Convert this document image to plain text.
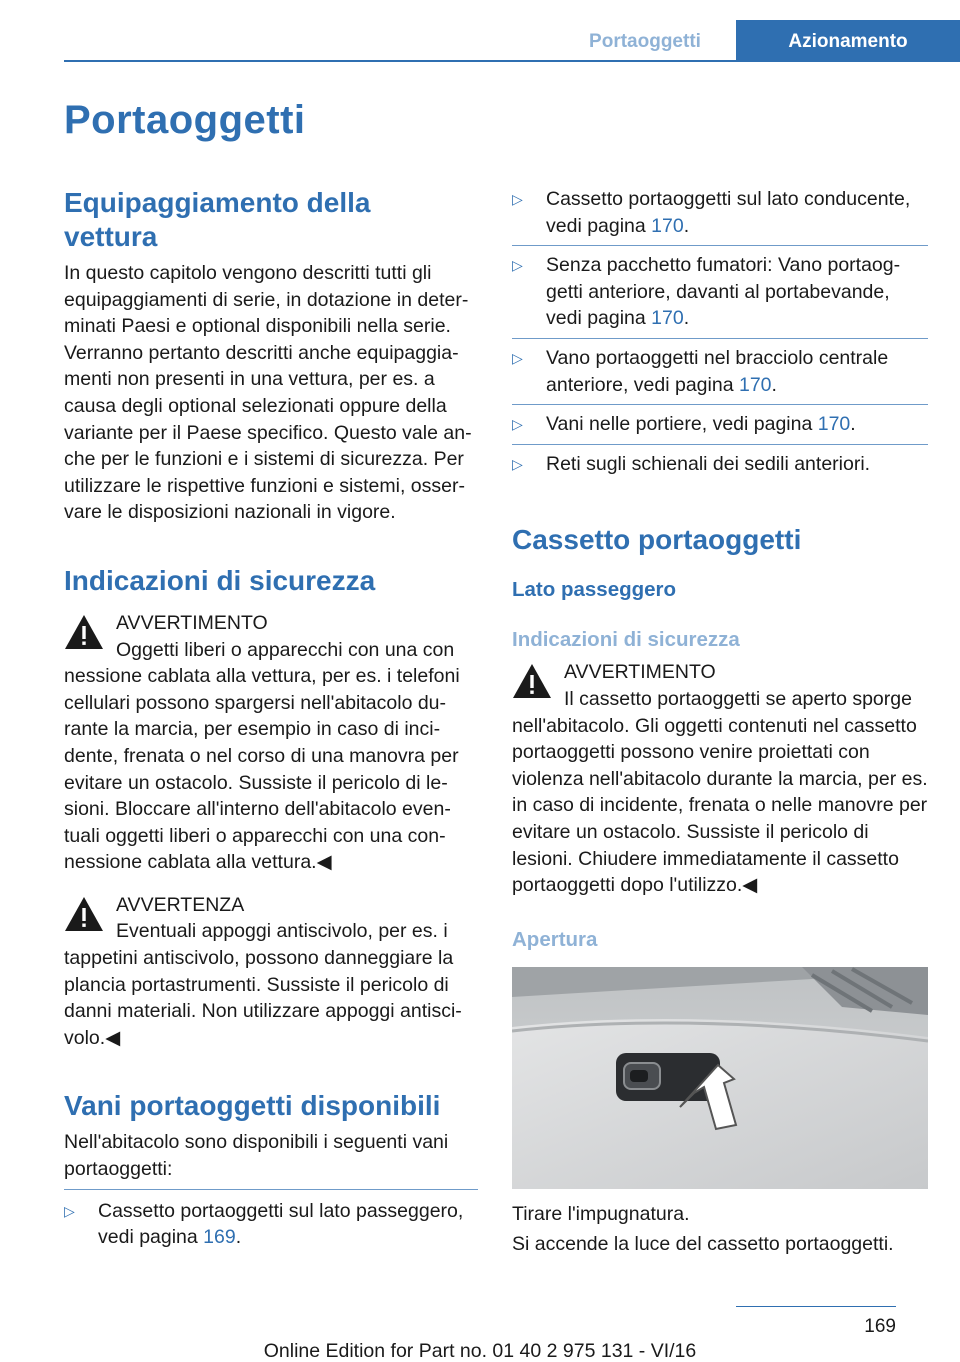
Portaoggetti	Azionamento
Portaoggetti
Equipaggiamento della vettura
In questo capitolo vengono descritti tutti gli equipaggiamenti di serie, in dotazione in determinati Paesi e optional disponibili nella serie. Verranno pertanto descritti anche equipaggiamenti non presenti in una vettura, per es. a causa degli optional selezionati oppure della variante per il Paese specifico. Questo vale anche per le funzioni e i sistemi di sicurezza. Per utilizzare le rispettive funzioni e sistemi, osservare le disposizioni nazionali in vigore.
Indicazioni di sicurezza
AVVERTIMENTO
Oggetti liberi o apparecchi con una con
nessione cablata alla vettura, per es. i telefoni cellulari possono spargersi nell'abitacolo durante la marcia, per esempio in caso di incidente, frenata o nel corso di una manovra per evitare un ostacolo. Sussiste il pericolo di lesioni. Bloccare all'interno dell'abitacolo eventuali oggetti liberi o apparecchi con una connessione cablata alla vettura.◀
AVVERTENZA
Eventuali appoggi antiscivolo, per es. i
tappetini antiscivolo, possono danneggiare la plancia portastrumenti. Sussiste il pericolo di danni materiali. Non utilizzare appoggi antiscivolo.◀
Vani portaoggetti disponibili
Nell'abitacolo sono disponibili i seguenti vani portaoggetti:
▷ Cassetto portaoggetti sul lato passeggero, vedi pagina 169.
▷ Cassetto portaoggetti sul lato conducente, vedi pagina 170.
▷ Senza pacchetto fumatori: Vano portaoggetti anteriore, davanti al portabevande, vedi pagina 170.
▷ Vano portaoggetti nel bracciolo centrale anteriore, vedi pagina 170.
▷ Vani nelle portiere, vedi pagina 170.
▷ Reti sugli schienali dei sedili anteriori.
Cassetto portaoggetti
Lato passeggero
Indicazioni di sicurezza
AVVERTIMENTO
Il cassetto portaoggetti se aperto sporge
nell'abitacolo. Gli oggetti contenuti nel cassetto portaoggetti possono venire proiettati con violenza nell'abitacolo durante la marcia, per es. in caso di incidente, frenata o nelle manovre per evitare un ostacolo. Sussiste il pericolo di lesioni. Chiudere immediatamente il cassetto portaoggetti dopo l'utilizzo.◀
Apertura
Tirare l'impugnatura.
Si accende la luce del cassetto portaoggetti.
169
Online Edition for Part no. 01 40 2 975 131 - VI/16
